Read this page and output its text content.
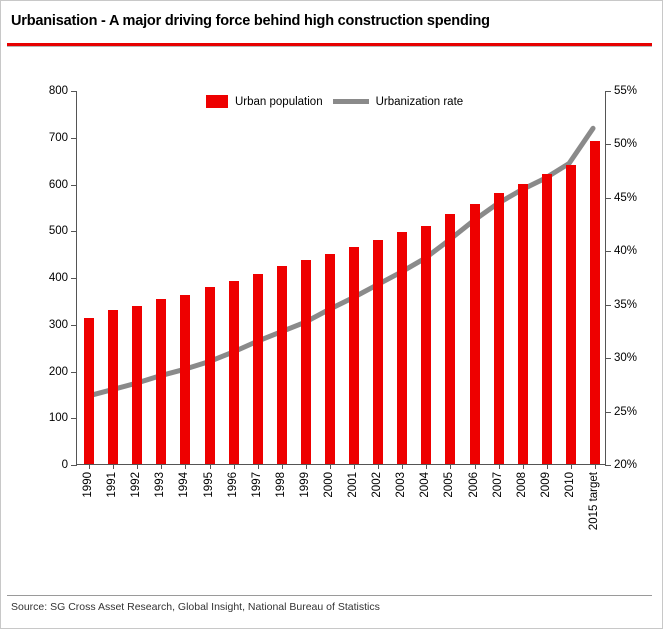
Urbanisation - A major driving force behind high construction spending
Urban population	Urbanization rate
0
100
200
300
400
500
600
700
800
20%
25%
30%
35%
40%
45%
50%
55%
1990 1991 1992 1993 1994 1995 1996 1997 1998 1999 2000 2001 2002 2003 2004 2005 2006 2007 2008 2009 2010 2015 target
Source: SG Cross Asset Research, Global Insight, National Bureau of Statistics
